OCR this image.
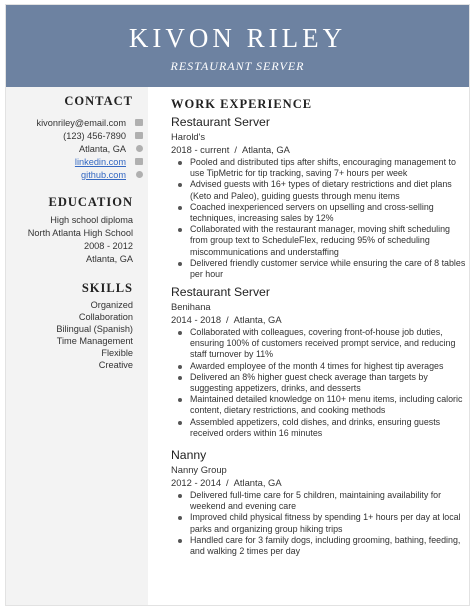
KIVON RILEY
RESTAURANT SERVER
CONTACT
kivonriley@email.com
(123) 456-7890
Atlanta, GA
linkedin.com
github.com
EDUCATION
High school diploma
North Atlanta High School
2008 - 2012
Atlanta, GA
SKILLS
Organized
Collaboration
Bilingual (Spanish)
Time Management
Flexible
Creative
WORK EXPERIENCE
Restaurant Server
Harold's
2018 - current / Atlanta, GA
Pooled and distributed tips after shifts, encouraging management to use TipMetric for tip tracking, saving 7+ hours per week
Advised guests with 16+ types of dietary restrictions and diet plans (Keto and Paleo), guiding guests through menu items
Coached inexperienced servers on upselling and cross-selling techniques, increasing sales by 12%
Collaborated with the restaurant manager, moving shift scheduling from group text to ScheduleFlex, reducing 95% of scheduling miscommunications and understaffing
Delivered friendly customer service while ensuring the care of 8 tables per hour
Restaurant Server
Benihana
2014 - 2018 / Atlanta, GA
Collaborated with colleagues, covering front-of-house job duties, ensuring 100% of customers received prompt service, and reducing staff turnover by 11%
Awarded employee of the month 4 times for highest tip averages
Delivered an 8% higher guest check average than targets by suggesting appetizers, drinks, and desserts
Maintained detailed knowledge on 110+ menu items, including caloric content, dietary restrictions, and cooking methods
Assembled appetizers, cold dishes, and drinks, ensuring guests received orders within 16 minutes
Nanny
Nanny Group
2012 - 2014 / Atlanta, GA
Delivered full-time care for 5 children, maintaining availability for weekend and evening care
Improved child physical fitness by spending 1+ hours per day at local parks and organizing group hiking trips
Handled care for 3 family dogs, including grooming, bathing, feeding, and walking 2 times per day
